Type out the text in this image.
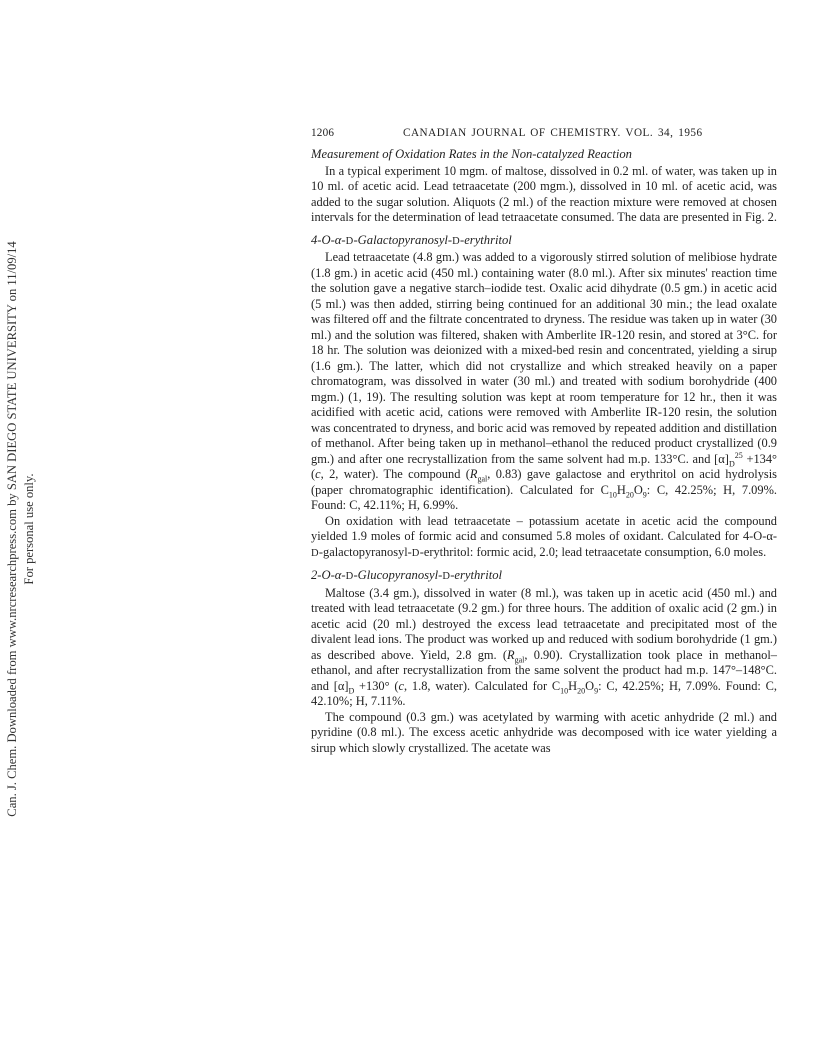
Can. J. Chem. Downloaded from www.nrcresearchpress.com by SAN DIEGO STATE UNIVERSITY on 11/09/14 For personal use only.
1206	CANADIAN JOURNAL OF CHEMISTRY. VOL. 34, 1956
Measurement of Oxidation Rates in the Non-catalyzed Reaction

In a typical experiment 10 mgm. of maltose, dissolved in 0.2 ml. of water, was taken up in 10 ml. of acetic acid. Lead tetraacetate (200 mgm.), dissolved in 10 ml. of acetic acid, was added to the sugar solution. Aliquots (2 ml.) of the reaction mixture were removed at chosen intervals for the determination of lead tetraacetate consumed. The data are presented in Fig. 2.

4-O-α-D-Galactopyranosyl-D-erythritol

Lead tetraacetate (4.8 gm.) was added to a vigorously stirred solution of melibiose hydrate (1.8 gm.) in acetic acid (450 ml.) containing water (8.0 ml.). After six minutes' reaction time the solution gave a negative starch–iodide test. Oxalic acid dihydrate (0.5 gm.) in acetic acid (5 ml.) was then added, stirring being continued for an additional 30 min.; the lead oxalate was filtered off and the filtrate concentrated to dryness. The residue was taken up in water (30 ml.) and the solution was filtered, shaken with Amberlite IR-120 resin, and stored at 3°C. for 18 hr. The solution was deionized with a mixed-bed resin and concentrated, yielding a sirup (1.6 gm.). The latter, which did not crystallize and which streaked heavily on a paper chromatogram, was dissolved in water (30 ml.) and treated with sodium borohydride (400 mgm.) (1, 19). The resulting solution was kept at room temperature for 12 hr., then it was acidified with acetic acid, cations were removed with Amberlite IR-120 resin, the solution was concentrated to dryness, and boric acid was removed by repeated addition and distillation of methanol. After being taken up in methanol–ethanol the reduced product crystallized (0.9 gm.) and after one recrystallization from the same solvent had m.p. 133°C. and $[\alpha]_D^{25} +134^\circ$ (c, 2, water). The compound ($R_{gal}$, 0.83) gave galactose and erythritol on acid hydrolysis (paper chromatographic identification). Calculated for $C_{10}H_{20}O_9$: C, 42.25%; H, 7.09%. Found: C, 42.11%; H, 6.99%.

On oxidation with lead tetraacetate – potassium acetate in acetic acid the compound yielded 1.9 moles of formic acid and consumed 5.8 moles of oxidant. Calculated for 4-O-α-D-galactopyranosyl-D-erythritol: formic acid, 2.0; lead tetraacetate consumption, 6.0 moles.

2-O-α-D-Glucopyranosyl-D-erythritol

Maltose (3.4 gm.), dissolved in water (8 ml.), was taken up in acetic acid (450 ml.) and treated with lead tetraacetate (9.2 gm.) for three hours. The addition of oxalic acid (2 gm.) in acetic acid (20 ml.) destroyed the excess lead tetraacetate and precipitated most of the divalent lead ions. The product was worked up and reduced with sodium borohydride (1 gm.) as described above. Yield, 2.8 gm. ($R_{gal}$, 0.90). Crystallization took place in methanol–ethanol, and after recrystallization from the same solvent the product had m.p. 147°–148°C. and $[\alpha]_D +130^\circ$ (c, 1.8, water). Calculated for $C_{10}H_{20}O_9$: C, 42.25%; H, 7.09%. Found: C, 42.10%; H, 7.11%.

The compound (0.3 gm.) was acetylated by warming with acetic anhydride (2 ml.) and pyridine (0.8 ml.). The excess acetic anhydride was decomposed with ice water yielding a sirup which slowly crystallized. The acetate was
